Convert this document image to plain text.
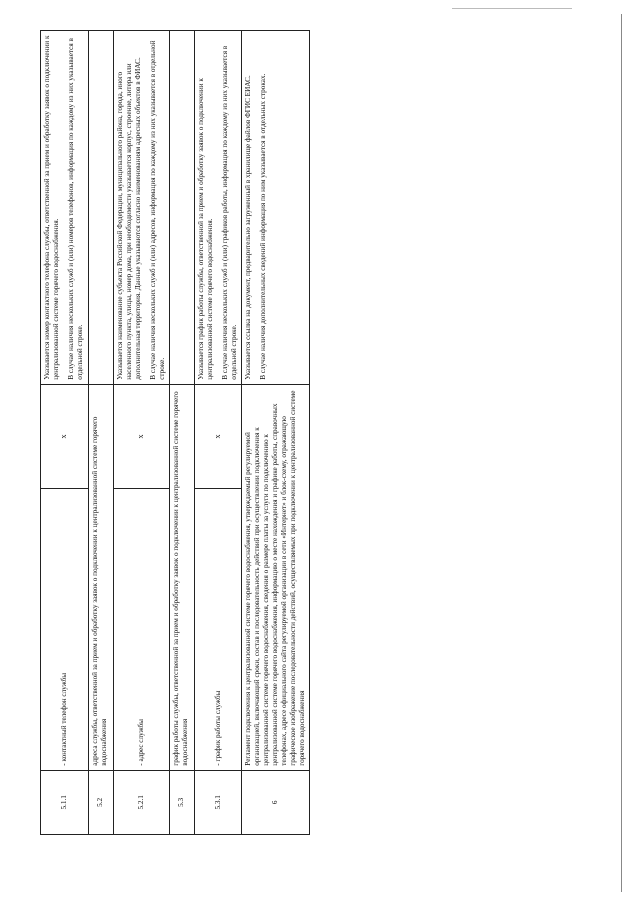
5.1.1	- контактный телефон службы	x	Указывается номер контактного телефона службы, ответственной за прием и обработку заявок о подключении к централизованной системе горячего водоснабжения. В случае наличия нескольких служб и (или) номеров телефонов, информация по каждому из них указывается в отдельной строке.

5.2	адреса службы, ответственной за прием и обработку заявок о подключении к централизованной системе горячего водоснабжения		
5.2.1	- адрес службы	x	Указывается наименование субъекта Российской Федерации, муниципального района, города, иного населенного пункта, улицы, номер дома, при необходимости указывается корпус, строение, литера или дополнительная территория. Данные указываются согласно наименованиям адресных объектов в ФИАС. В случае наличия нескольких служб и (или) адресов, информация по каждому из них указывается в отдельной строке.

5.3	график работы службы, ответственной за прием и обработку заявок о подключении к централизованной системе горячего водоснабжения		
5.3.1	- график работы службы	x	Указывается график работы службы, ответственной за прием и обработку заявок о подключении к централизованной системе горячего водоснабжения. В случае наличия нескольких служб и (или) графиков работы, информация по каждому из них указывается в отдельной строке.

6	Регламент подключения к централизованной системе горячего водоснабжения, утверждаемый регулируемой организацией, включающий сроки, состав и последовательность действий при осуществлении подключения к централизованной системе горячего водоснабжения, сведения о размере платы за услуги по подключению к централизованной системе горячего водоснабжения, информацию о месте нахождения и графике работы, справочных телефонах, адресе официального сайта регулируемой организации в сети «Интернет» и блок-схему, отражающую графическое изображение последовательности действий, осуществляемых при подключении к централизованной системе горячего водоснабжения		Указывается ссылка на документ, предварительно загруженный в хранилище файлов ФГИС ЕИАС. В случае наличия дополнительных сведений информация по ним указывается в отдельных строках.
